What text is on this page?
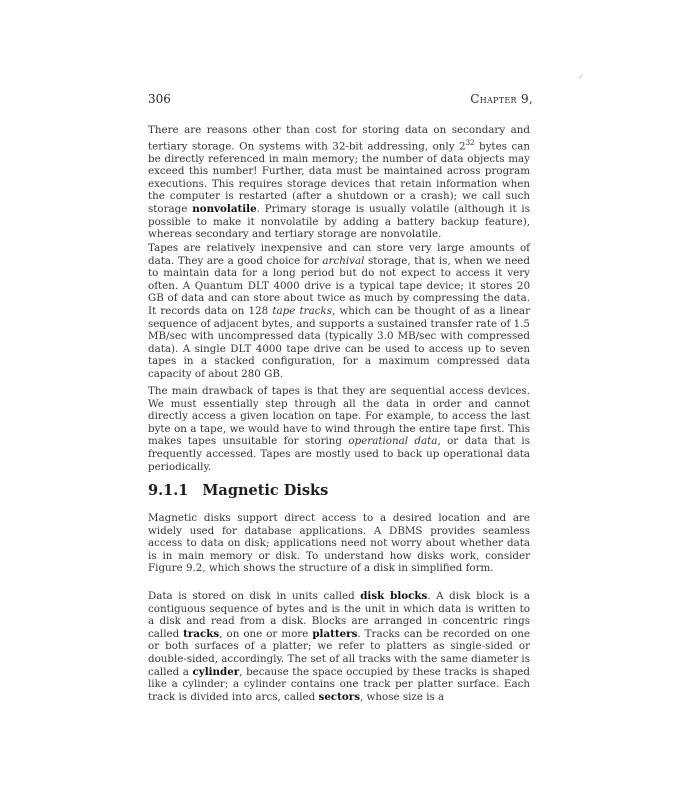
306	Chapter 9,
There are reasons other than cost for storing data on secondary and tertiary storage. On systems with 32-bit addressing, only $2^{32}$ bytes can be directly referenced in main memory; the number of data objects may exceed this number! Further, data must be maintained across program executions. This requires storage devices that retain information when the computer is restarted (after a shutdown or a crash); we call such storage nonvolatile. Primary storage is usually volatile (although it is possible to make it nonvolatile by adding a battery backup feature), whereas secondary and tertiary storage are nonvolatile.
Tapes are relatively inexpensive and can store very large amounts of data. They are a good choice for archival storage, that is, when we need to maintain data for a long period but do not expect to access it very often. A Quantum DLT 4000 drive is a typical tape device; it stores 20 GB of data and can store about twice as much by compressing the data. It records data on 128 tape tracks, which can be thought of as a linear sequence of adjacent bytes, and supports a sustained transfer rate of 1.5 MB/sec with uncompressed data (typically 3.0 MB/sec with compressed data). A single DLT 4000 tape drive can be used to access up to seven tapes in a stacked configuration, for a maximum compressed data capacity of about 280 GB.
The main drawback of tapes is that they are sequential access devices. We must essentially step through all the data in order and cannot directly access a given location on tape. For example, to access the last byte on a tape, we would have to wind through the entire tape first. This makes tapes unsuitable for storing operational data, or data that is frequently accessed. Tapes are mostly used to back up operational data periodically.
9.1.1 Magnetic Disks
Magnetic disks support direct access to a desired location and are widely used for database applications. A DBMS provides seamless access to data on disk; applications need not worry about whether data is in main memory or disk. To understand how disks work, consider Figure 9.2, which shows the structure of a disk in simplified form.
Data is stored on disk in units called disk blocks. A disk block is a contiguous sequence of bytes and is the unit in which data is written to a disk and read from a disk. Blocks are arranged in concentric rings called tracks, on one or more platters. Tracks can be recorded on one or both surfaces of a platter; we refer to platters as single-sided or double-sided, accordingly. The set of all tracks with the same diameter is called a cylinder, because the space occupied by these tracks is shaped like a cylinder; a cylinder contains one track per platter surface. Each track is divided into arcs, called sectors, whose size is a
